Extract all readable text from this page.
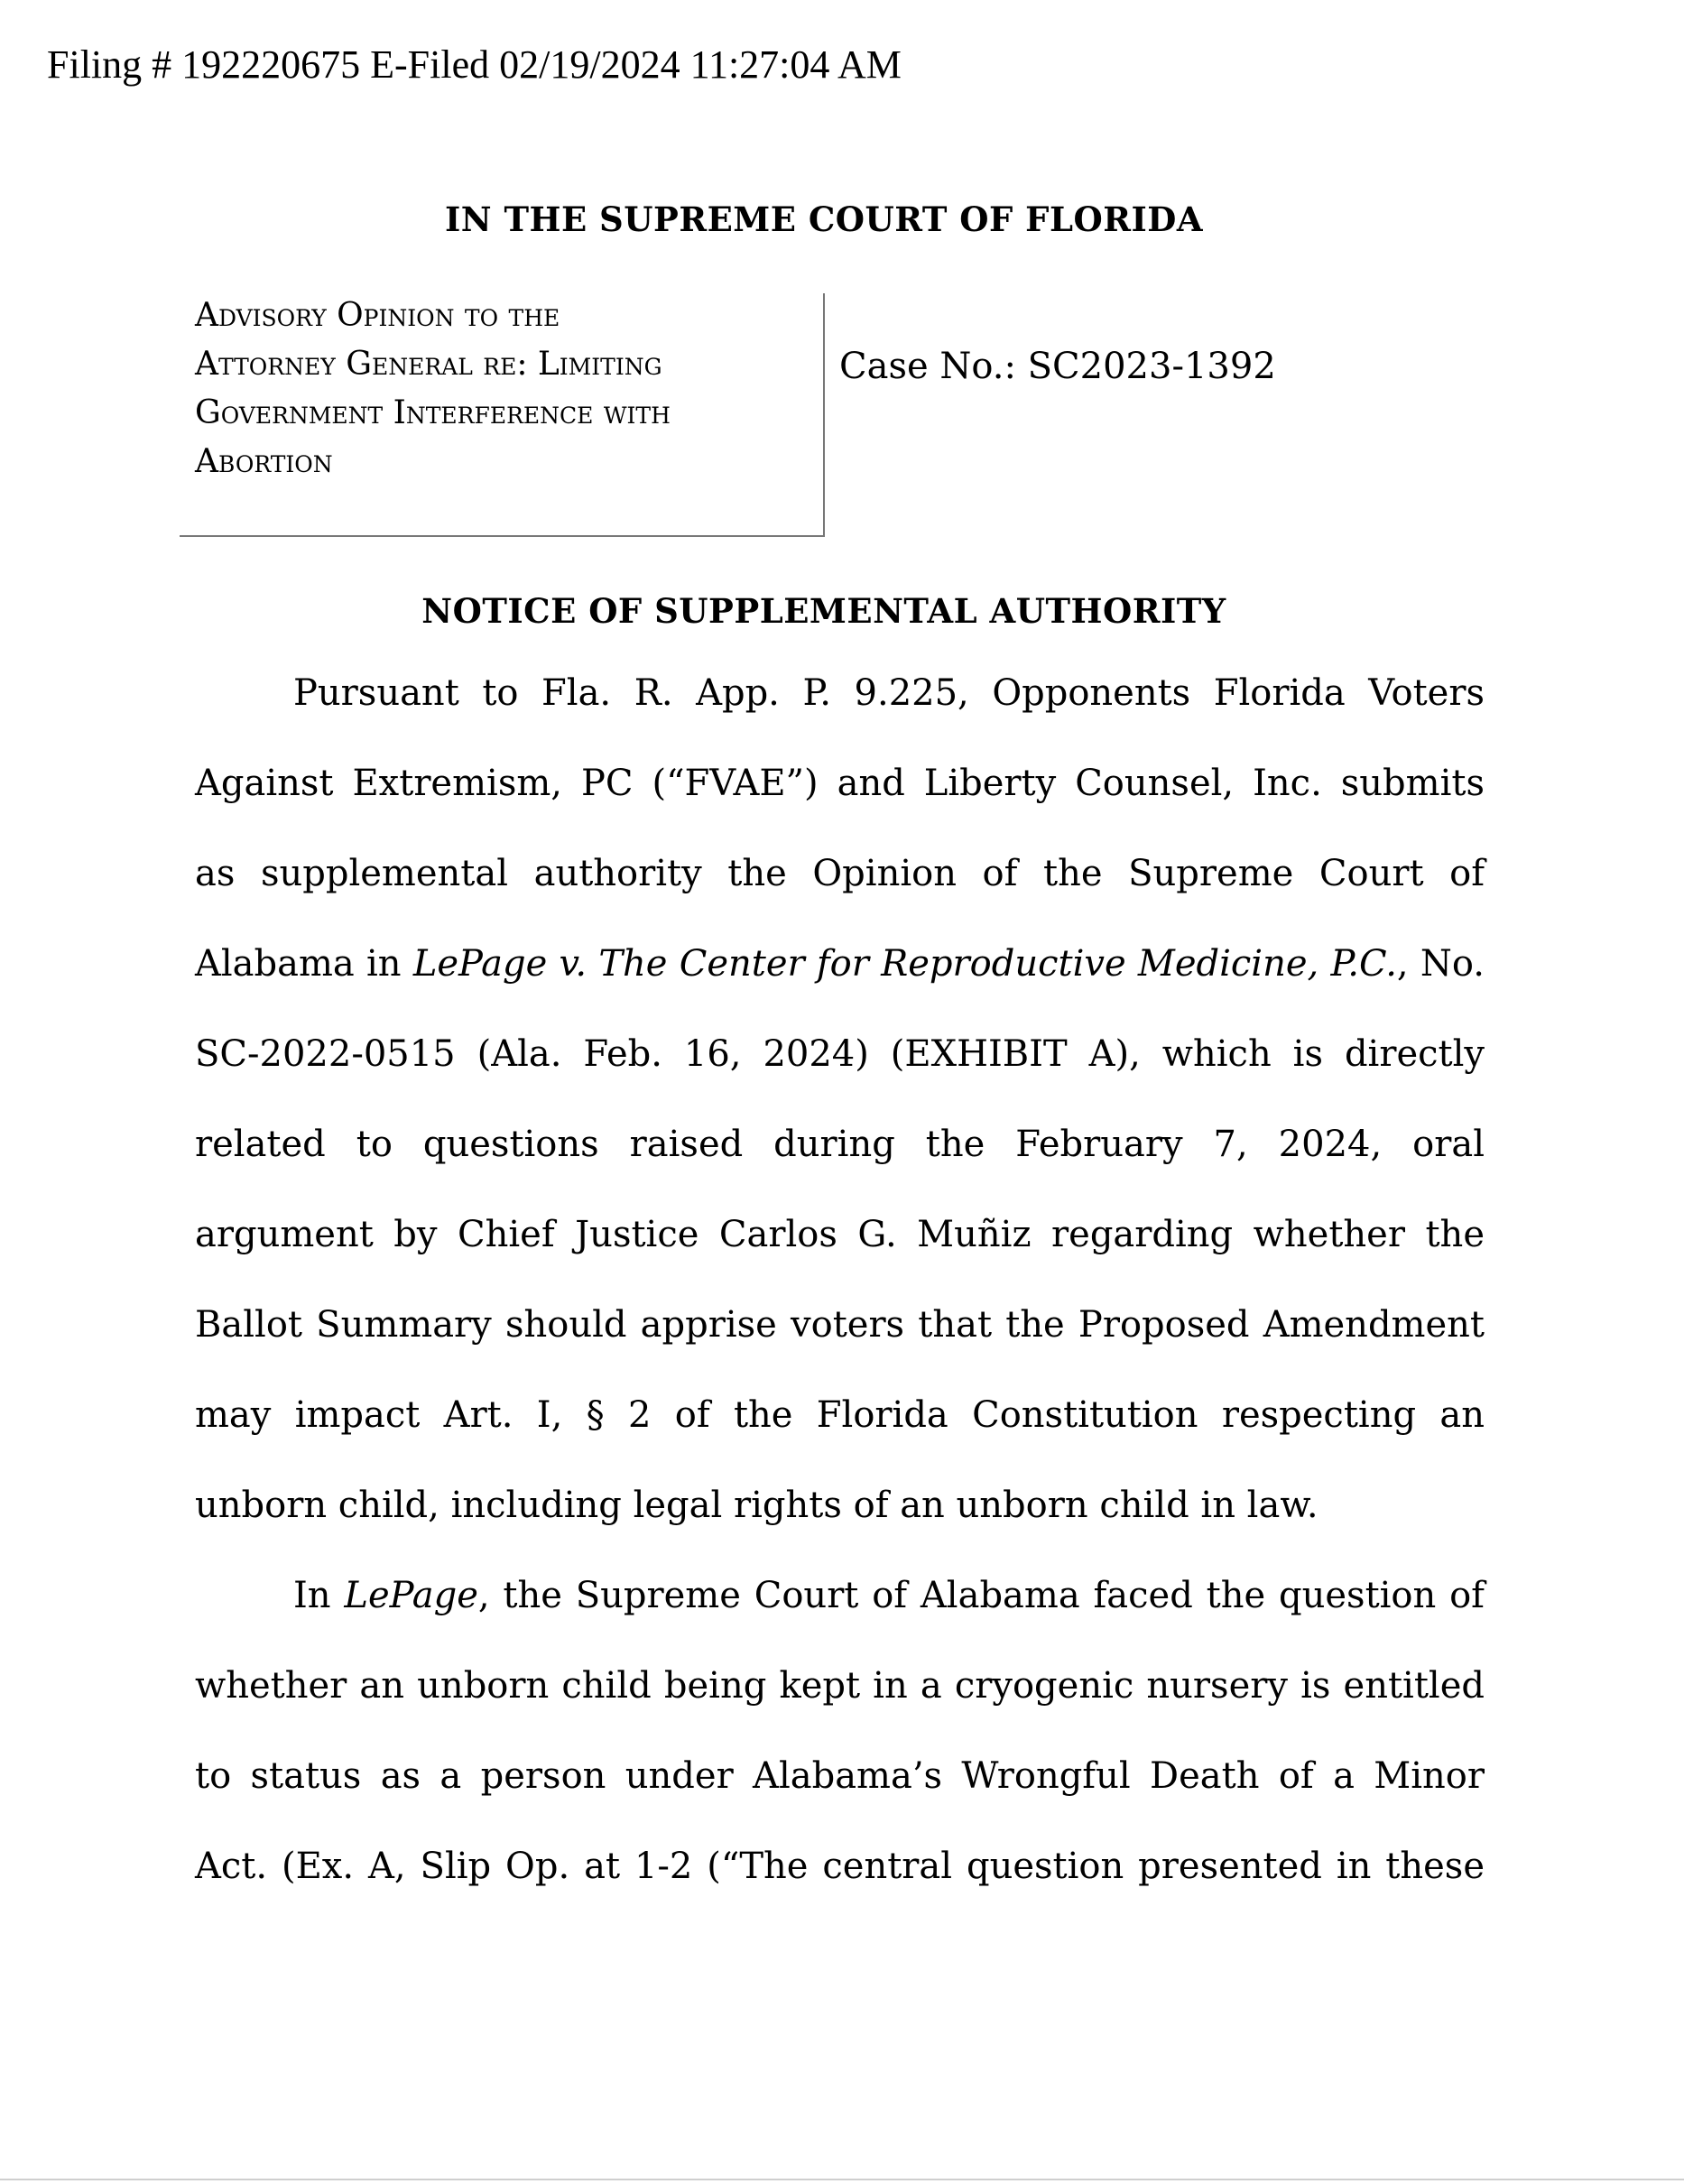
Filing # 192220675 E-Filed 02/19/2024 11:27:04 AM
IN THE SUPREME COURT OF FLORIDA
Advisory Opinion to the
Attorney General re: Limiting
Government Interference with
Abortion
Case No.: SC2023-1392
NOTICE OF SUPPLEMENTAL AUTHORITY
Pursuant to Fla. R. App. P. 9.225, Opponents Florida Voters
Against Extremism, PC (“FVAE”) and Liberty Counsel, Inc. submits
as supplemental authority the Opinion of the Supreme Court of
Alabama in LePage v. The Center for Reproductive Medicine, P.C., No.
SC-2022-0515 (Ala. Feb. 16, 2024) (EXHIBIT A), which is directly
related to questions raised during the February 7, 2024, oral
argument by Chief Justice Carlos G. Muñiz regarding whether the
Ballot Summary should apprise voters that the Proposed Amendment
may impact Art. I, § 2 of the Florida Constitution respecting an
unborn child, including legal rights of an unborn child in law.
In LePage, the Supreme Court of Alabama faced the question of
whether an unborn child being kept in a cryogenic nursery is entitled
to status as a person under Alabama’s Wrongful Death of a Minor
Act. (Ex. A, Slip Op. at 1-2 (“The central question presented in these
